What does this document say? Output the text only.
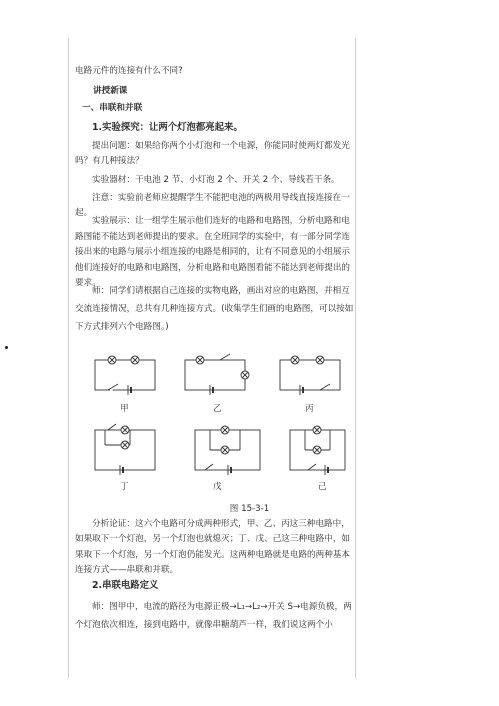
电路元件的连接有什么不同?

讲授新课

一、串联和并联

1.实验探究：让两个灯泡都亮起来。

提出问题：如果给你两个小灯泡和一个电源，你能同时使两灯都发光吗？有几种接法？

实验器材：干电池 2 节、小灯泡 2 个、开关 2 个、导线若干条。

注意：实验前老师应提醒学生不能把电池的两极用导线直接连接在一起。

实验展示：让一组学生展示他们连好的电路和电路图，分析电路和电路图能不能达到老师提出的要求。在全班同学的实验中，有一部分同学连接出来的电路与展示小组连接的电路是相同的，让有不同意见的小组展示他们连接好的电路和电路图，分析电路和电路图看能不能达到老师提出的要求。

师：同学们请根据自己连接的实物电路，画出对应的电路图，并相互交流连接情况，总共有几种连接方式。(收集学生们画的电路图，可以按如下方式排列六个电路图。)

甲	乙	丙
丁	戊	己
图 15-3-1

分析论证：这六个电路可分成两种形式，甲、乙、丙这三种电路中，如果取下一个灯泡，另一个灯泡也就熄灭；丁、戊、己这三种电路中，如果取下一个灯泡，另一个灯泡仍能发光。这两种电路就是电路的两种基本连接方式——串联和并联。

2.串联电路定义

师：图甲中，电流的路径为电源正极→L₁→L₂→开关 S→电源负极，两个灯泡依次相连，接到电路中，就像串糖葫芦一样，我们说这两个小
